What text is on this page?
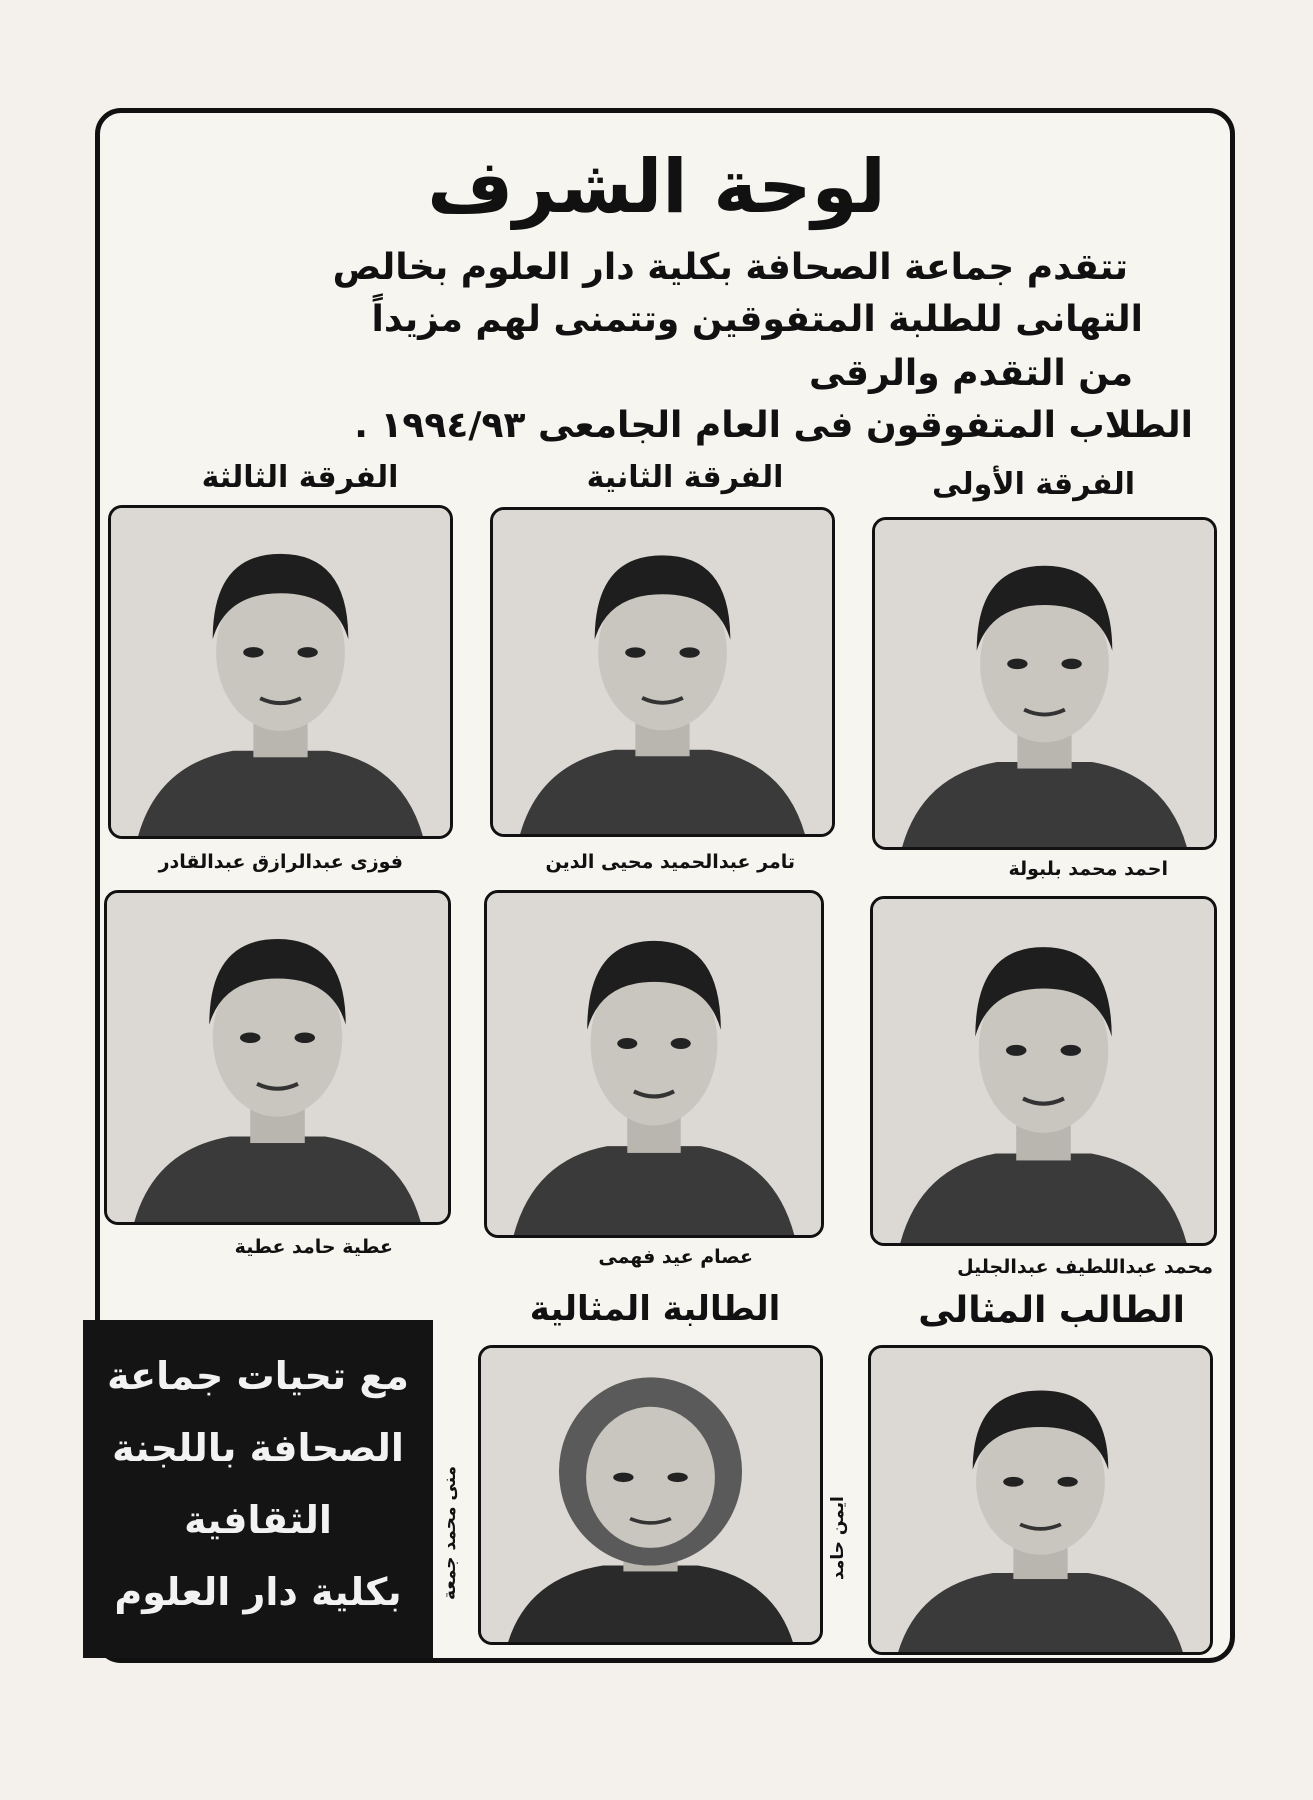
لوحة الشرف
تتقدم جماعة الصحافة بكلية دار العلوم بخالص
التهانى للطلبة المتفوقين وتتمنى لهم مزيداً
من التقدم والرقى
الطلاب المتفوقون فى العام الجامعى ١٩٩٤/٩٣ .
الفرقة الأولى
الفرقة الثانية
الفرقة الثالثة
احمد محمد بلبولة
تامر عبدالحميد محيى الدين
فوزى عبدالرازق عبدالقادر
محمد عبداللطيف عبدالجليل
عصام عيد فهمى
عطية حامد عطية
الطالب المثالى
الطالبة المثالية
ايمن حامد
منى محمد جمعة
مع تحيات جماعة
الصحافة باللجنة
الثقافية
بكلية دار العلوم
